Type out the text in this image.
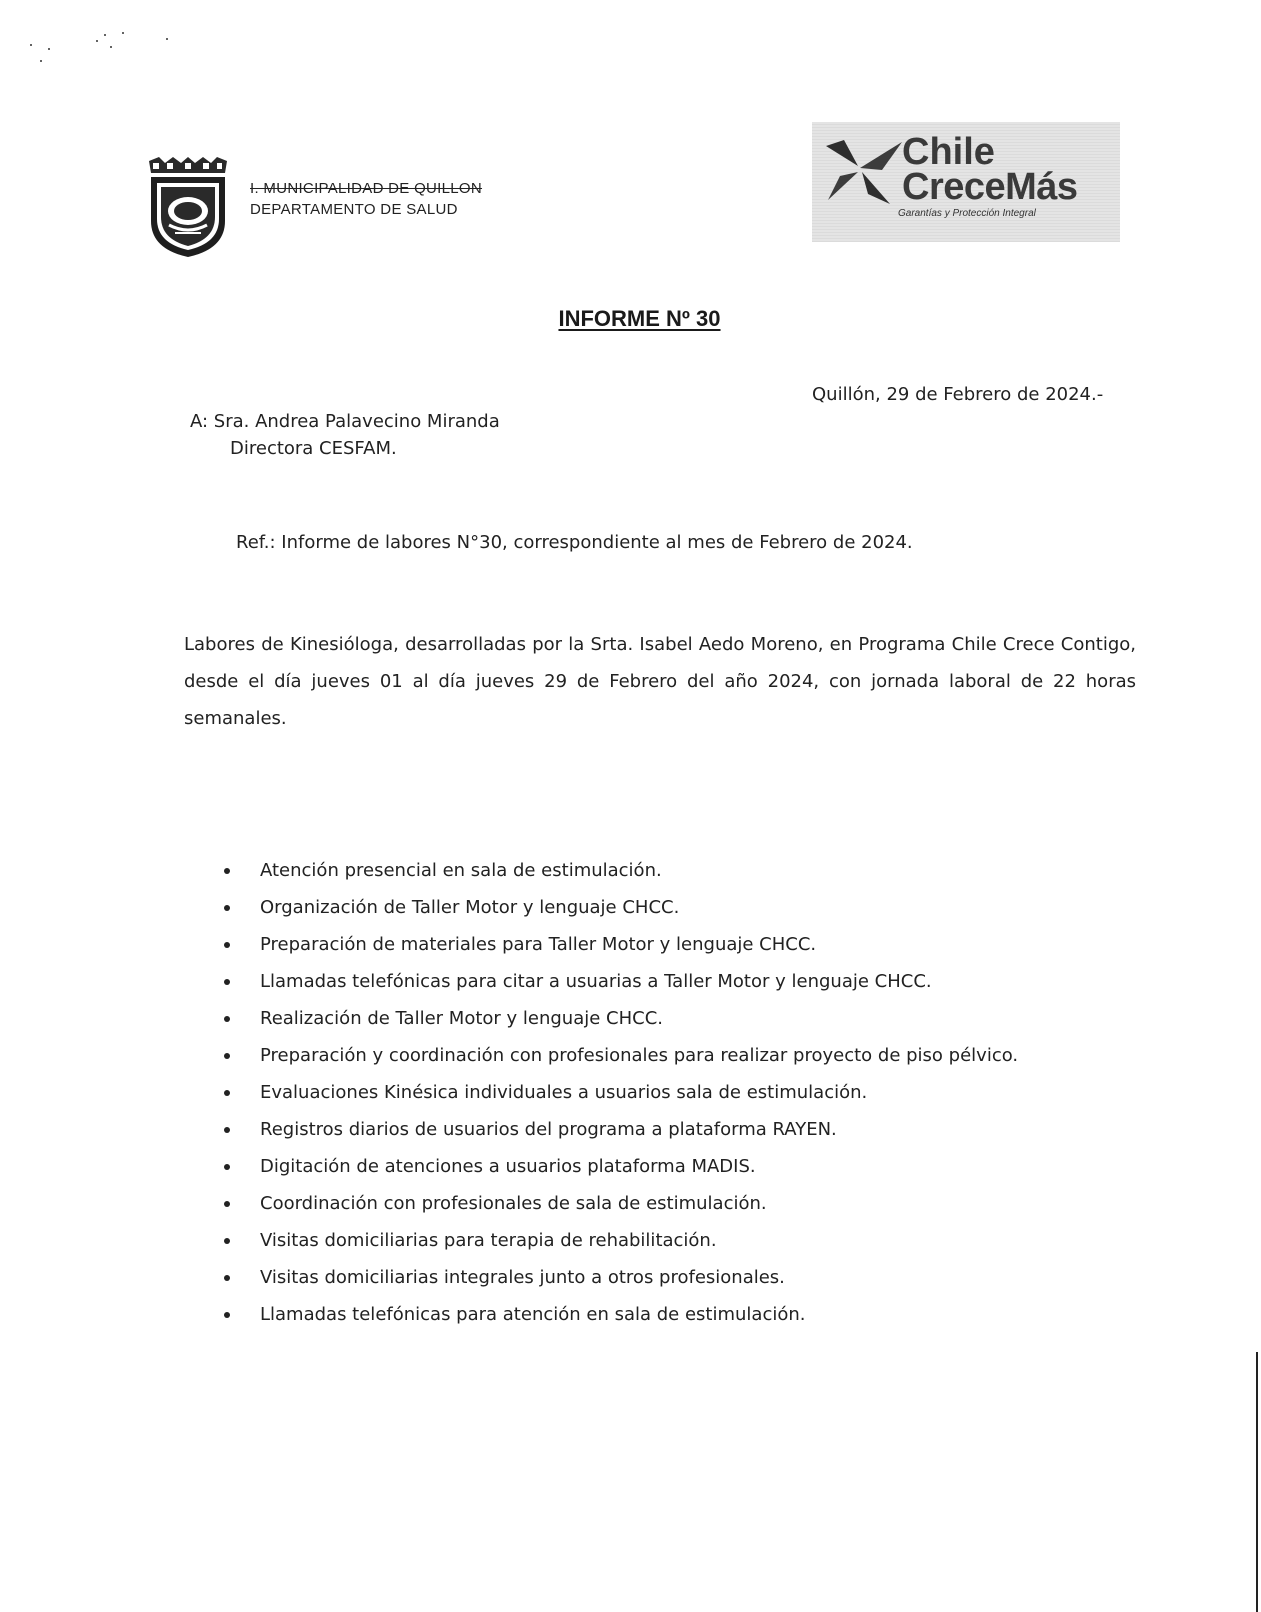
I. MUNICIPALIDAD DE QUILLON
DEPARTAMENTO DE SALUD
Chile
CreceMás
Garantías y Protección Integral
INFORME Nº 30
Quillón, 29 de Febrero de 2024.-
A: Sra. Andrea Palavecino Miranda
Directora CESFAM.
Ref.: Informe de labores N°30, correspondiente al mes de Febrero de 2024.
Labores de Kinesióloga, desarrolladas por la Srta. Isabel Aedo Moreno, en Programa Chile Crece Contigo, desde el día jueves 01 al día jueves 29 de Febrero del año 2024, con jornada laboral de 22 horas semanales.
Atención presencial en sala de estimulación.
Organización de Taller Motor y lenguaje CHCC.
Preparación de materiales para Taller Motor y lenguaje CHCC.
Llamadas telefónicas para citar a usuarias a Taller Motor y lenguaje CHCC.
Realización de Taller Motor y lenguaje CHCC.
Preparación y coordinación con profesionales para realizar proyecto de piso pélvico.
Evaluaciones Kinésica individuales a usuarios sala de estimulación.
Registros diarios de usuarios del programa a plataforma RAYEN.
Digitación de atenciones a usuarios plataforma MADIS.
Coordinación con profesionales de sala de estimulación.
Visitas domiciliarias para terapia de rehabilitación.
Visitas domiciliarias integrales junto a otros profesionales.
Llamadas telefónicas para atención en sala de estimulación.
